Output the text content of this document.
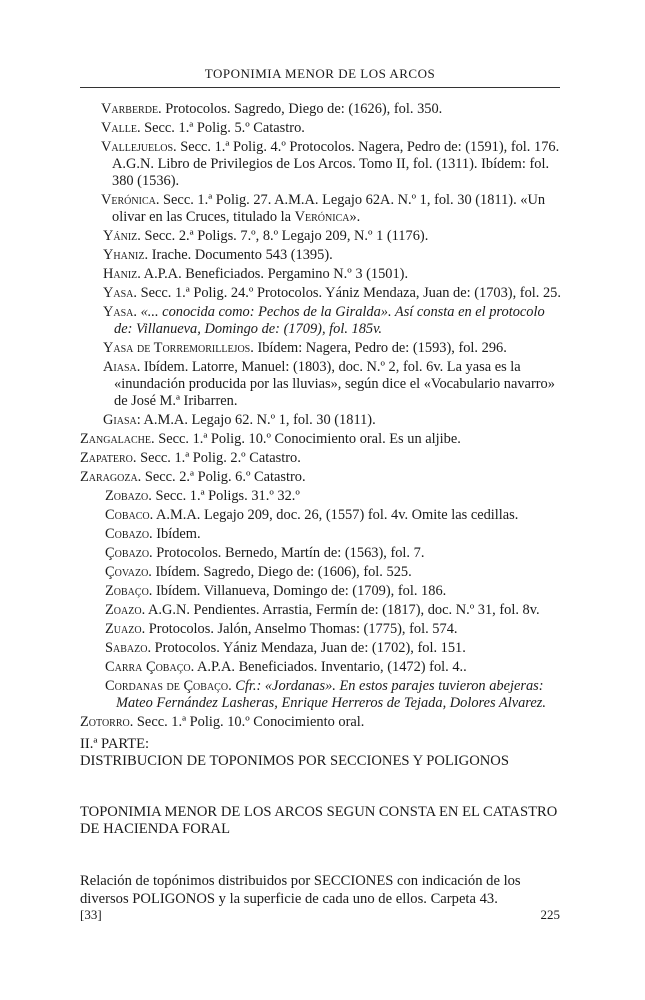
TOPONIMIA MENOR DE LOS ARCOS

Varberde. Protocolos. Sagredo, Diego de: (1626), fol. 350.

Valle. Secc. 1.ª Polig. 5.º Catastro.

Vallejuelos. Secc. 1.ª Polig. 4.º Protocolos. Nagera, Pedro de: (1591), fol. 176. A.G.N. Libro de Privilegios de Los Arcos. Tomo II, fol. (1311). Ibídem: fol. 380 (1536).

Verónica. Secc. 1.ª Polig. 27. A.M.A. Legajo 62A. N.º 1, fol. 30 (1811). «Un olivar en las Cruces, titulado la Verónica».

Yániz. Secc. 2.ª Poligs. 7.º, 8.º Legajo 209, N.º 1 (1176).

Yhaniz. Irache. Documento 543 (1395).

Haniz. A.P.A. Beneficiados. Pergamino N.º 3 (1501).

Yasa. Secc. 1.ª Polig. 24.º Protocolos. Yániz Mendaza, Juan de: (1703), fol. 25.

Yasa. «... conocida como: Pechos de la Giralda». Así consta en el protocolo de: Villanueva, Domingo de: (1709), fol. 185v.

Yasa de Torremorillejos. Ibídem: Nagera, Pedro de: (1593), fol. 296.

Aiasa. Ibídem. Latorre, Manuel: (1803), doc. N.º 2, fol. 6v. La yasa es la «inundación producida por las lluvias», según dice el «Vocabulario navarro» de José M.ª Iribarren.

Giasa: A.M.A. Legajo 62. N.º 1, fol. 30 (1811).

Zangalache. Secc. 1.ª Polig. 10.º Conocimiento oral. Es un aljibe.

Zapatero. Secc. 1.ª Polig. 2.º Catastro.

Zaragoza. Secc. 2.ª Polig. 6.º Catastro.

Zobazo. Secc. 1.ª Poligs. 31.º 32.º

Cobaco. A.M.A. Legajo 209, doc. 26, (1557) fol. 4v. Omite las cedillas.

Cobazo. Ibídem.

Çobazo. Protocolos. Bernedo, Martín de: (1563), fol. 7.

Çovazo. Ibídem. Sagredo, Diego de: (1606), fol. 525.

Zobaço. Ibídem. Villanueva, Domingo de: (1709), fol. 186.

Zoazo. A.G.N. Pendientes. Arrastia, Fermín de: (1817), doc. N.º 31, fol. 8v.

Zuazo. Protocolos. Jalón, Anselmo Thomas: (1775), fol. 574.

Sabazo. Protocolos. Yániz Mendaza, Juan de: (1702), fol. 151.

Carra Çobaço. A.P.A. Beneficiados. Inventario, (1472) fol. 4..

Cordanas de Çobaço. Cfr.: «Jordanas». En estos parajes tuvieron abejeras: Mateo Fernández Lasheras, Enrique Herreros de Tejada, Dolores Alvarez.

Zotorro. Secc. 1.ª Polig. 10.º Conocimiento oral.

II.ª PARTE:

DISTRIBUCION DE TOPONIMOS POR SECCIONES Y POLIGONOS

TOPONIMIA MENOR DE LOS ARCOS SEGUN CONSTA EN EL CATASTRO DE HACIENDA FORAL

Relación de topónimos distribuidos por SECCIONES con indicación de los diversos POLIGONOS y la superficie de cada uno de ellos. Carpeta 43.

[33]	225
